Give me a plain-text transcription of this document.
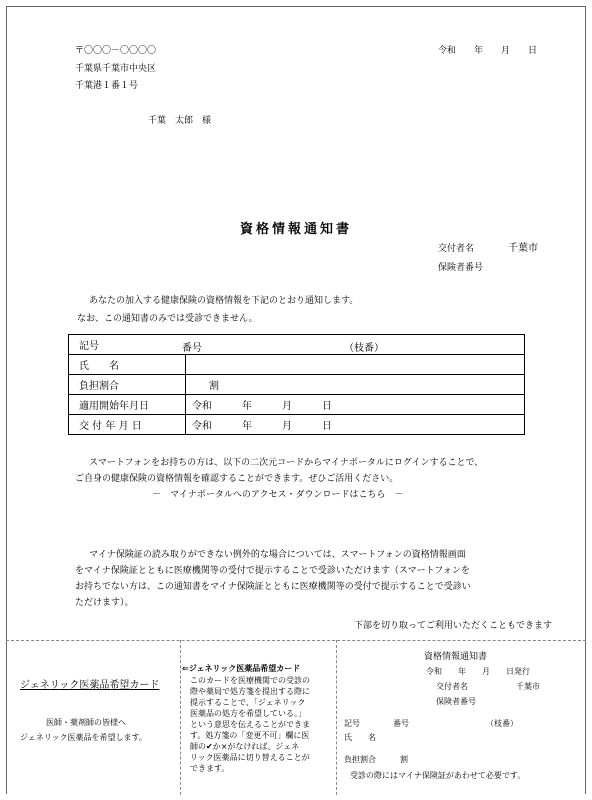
〒〇〇〇－〇〇〇〇
千葉県千葉市中央区
千葉港１番１号
令和　　年　　月　　日
千葉　太郎　様
資格情報通知書
交付者名	千葉市
保険者番号
あなたの加入する健康保険の資格情報を下記のとおり通知します。
なお、この通知書のみでは受診できません。
記号 番号 （枝番）	

氏　　名	
負担割合	割
適用開始年月日	令和　　　年　　　月　　　日
交 付 年 月 日	令和　　　年　　　月　　　日
スマートフォンをお持ちの方は、以下の二次元コードからマイナポータルにログインすることで、
ご自身の健康保険の資格情報を確認することができます。ぜひご活用ください。
－　マイナポータルへのアクセス・ダウンロードはこちら　－
マイナ保険証の読み取りができない例外的な場合については、スマートフォンの資格情報画面
をマイナ保険証とともに医療機関等の受付で提示することで受診いただけます（スマートフォンを
お持ちでない方は、この通知書をマイナ保険証とともに医療機関等の受付で提示することで受診い
ただけます）。
下部を切り取ってご利用いただくこともできます
ジェネリック医薬品希望カード
医師・薬剤師の皆様へ
ジェネリック医薬品を希望します。
⇐ジェネリック医薬品希望カード
このカードを医療機関での受診の
際や薬局で処方箋を提出する際に
提示することで、「ジェネリック
医薬品の処方を希望している。」
という意思を伝えることができま
す。処方箋の「変更不可」欄に医
師の✔か×がなければ、ジェネ
リック医薬品に切り替えることが
できます。
資格情報通知書
令和　　年　　月　　日発行
交付者名	千葉市
保険者番号
記号	番号	（枝番）
氏　　名
負担割合	割
受診の際にはマイナ保険証があわせて必要です。
